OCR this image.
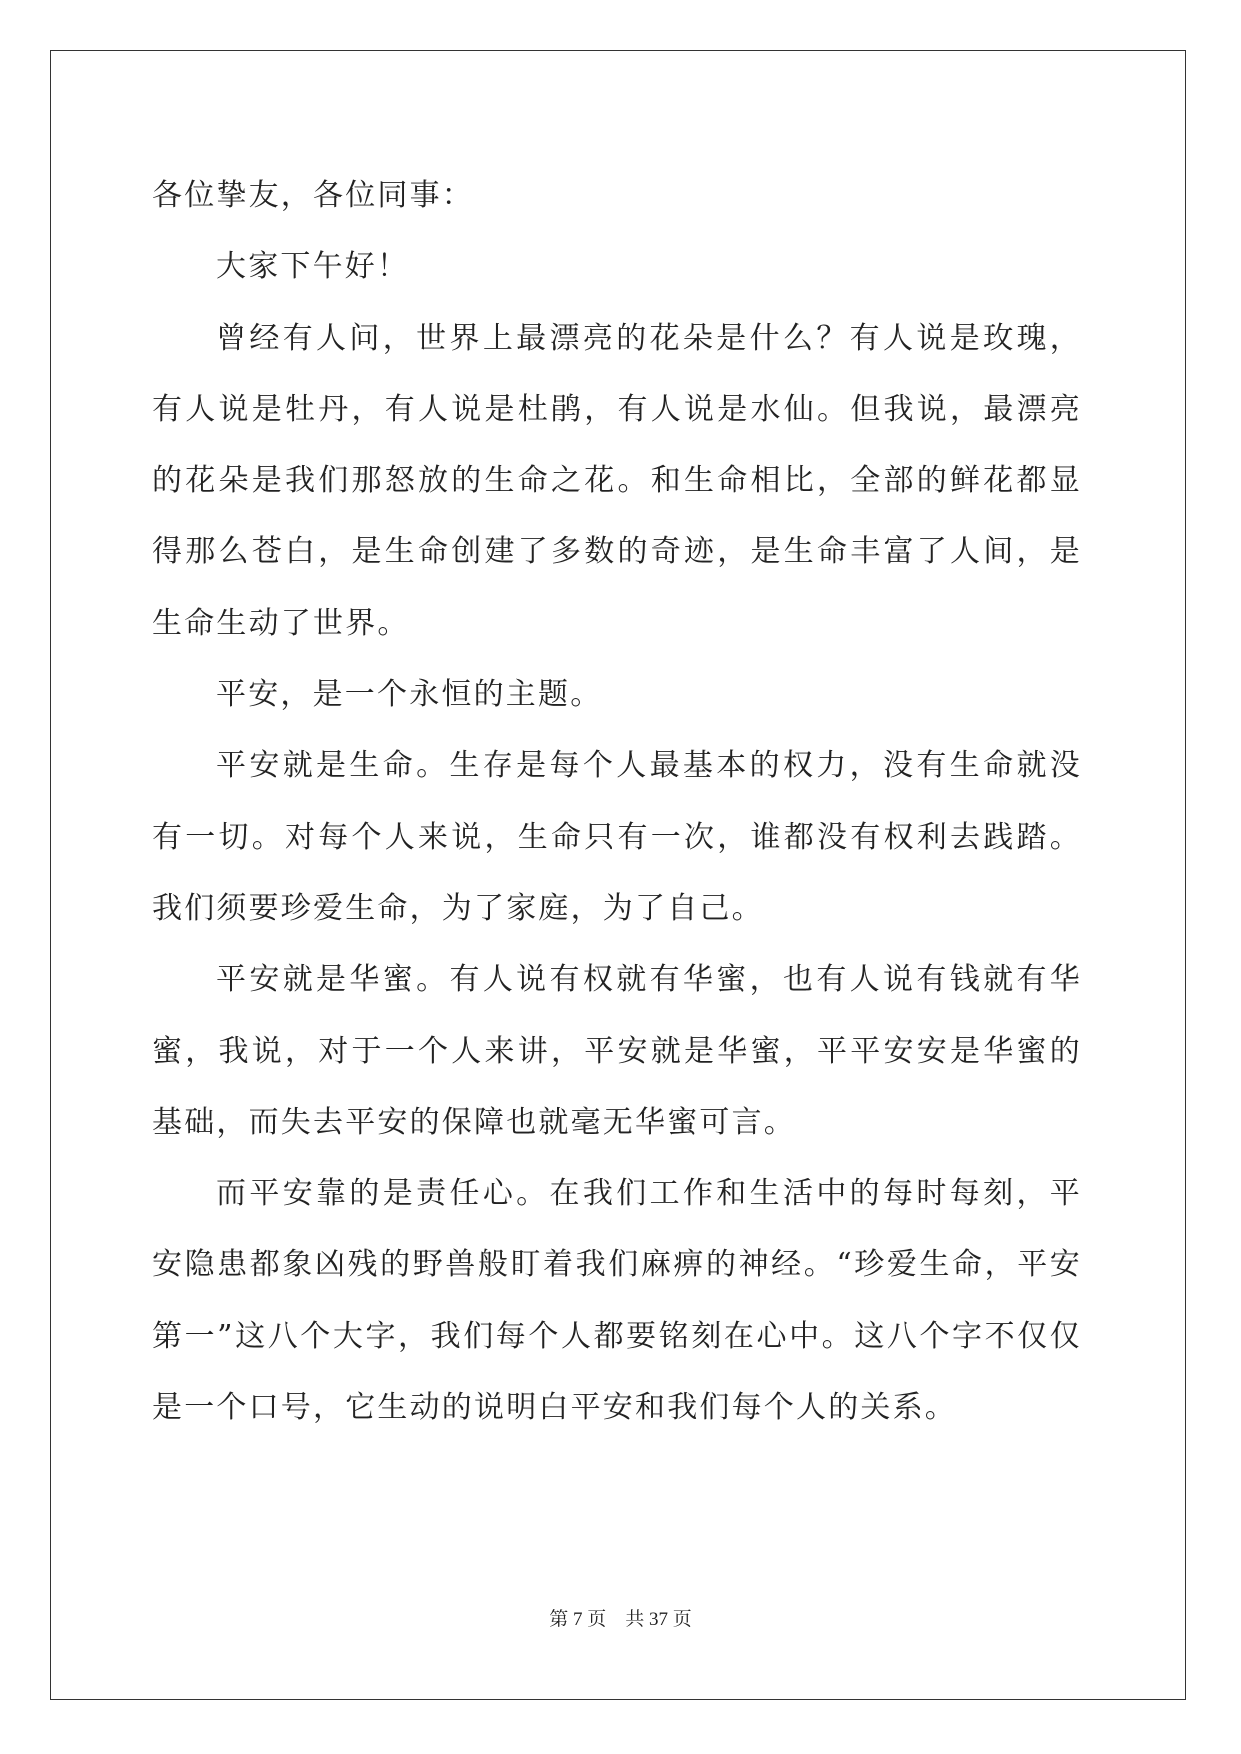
各位挚友，各位同事：

大家下午好！

曾经有人问，世界上最漂亮的花朵是什么？有人说是玫瑰，有人说是牡丹，有人说是杜鹃，有人说是水仙。但我说，最漂亮的花朵是我们那怒放的生命之花。和生命相比，全部的鲜花都显得那么苍白，是生命创建了多数的奇迹，是生命丰富了人间，是生命生动了世界。

平安，是一个永恒的主题。

平安就是生命。生存是每个人最基本的权力，没有生命就没有一切。对每个人来说，生命只有一次，谁都没有权利去践踏。我们须要珍爱生命，为了家庭，为了自己。

平安就是华蜜。有人说有权就有华蜜，也有人说有钱就有华蜜，我说，对于一个人来讲，平安就是华蜜，平平安安是华蜜的基础，而失去平安的保障也就毫无华蜜可言。

而平安靠的是责任心。在我们工作和生活中的每时每刻，平安隐患都象凶残的野兽般盯着我们麻痹的神经。“珍爱生命，平安第一”这八个大字，我们每个人都要铭刻在心中。这八个字不仅仅是一个口号，它生动的说明白平安和我们每个人的关系。

第 7 页　共 37 页
